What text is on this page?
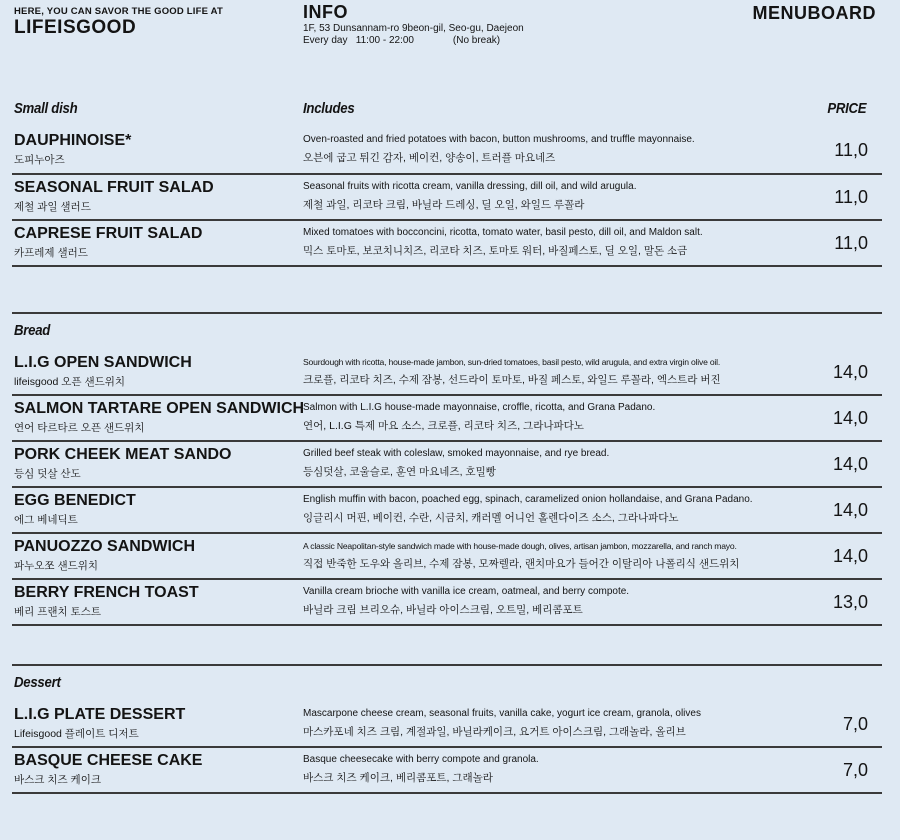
HERE, YOU CAN SAVOR THE GOOD LIFE AT
LIFEISGOOD
INFO
1F, 53 Dunsannam-ro 9beon-gil, Seo-gu, Daejeon
Every day   11:00 - 22:00              (No break)
MENUBOARD
Small dish	Includes	PRICE
DAUPHINOISE*
도피누아즈
Oven-roasted and fried potatoes with bacon, button mushrooms, and truffle mayonnaise.
오븐에 굽고 튀긴 감자, 베이컨, 양송이, 트러플 마요네즈	11,0
SEASONAL FRUIT SALAD
제철 과일 샐러드
Seasonal fruits with ricotta cream, vanilla dressing, dill oil, and wild arugula.
제철 과일, 리코타 크림, 바닐라 드레싱, 딜 오일, 와일드 루꼴라	11,0
CAPRESE FRUIT SALAD
카프레제 샐러드
Mixed tomatoes with bocconcini, ricotta, tomato water, basil pesto, dill oil, and Maldon salt.
믹스 토마토, 보코치니치즈, 리코타 치즈, 토마토 워터, 바질페스토, 딜 오일, 말돈 소금	11,0
Bread
L.I.G OPEN SANDWICH
lifeisgood 오픈 샌드위치
Sourdough with ricotta, house-made jambon, sun-dried tomatoes, basil pesto, wild arugula, and extra virgin olive oil.
크로플, 리코타 치즈, 수제 잠봉, 선드라이 토마토, 바질 페스토, 와일드 루꼴라, 엑스트라 버진	14,0
SALMON TARTARE OPEN SANDWICH
연어 타르타르 오픈 샌드위치
Salmon with L.I.G house-made mayonnaise, croffle, ricotta, and Grana Padano.
연어, L.I.G 특제 마요 소스, 크로플, 리코타 치즈, 그라나파다노	14,0
PORK CHEEK MEAT SANDO
등심 덧살 산도
Grilled beef steak with coleslaw, smoked mayonnaise, and rye bread.
등심덧살, 코울슬로, 훈연 마요네즈, 호밀빵	14,0
EGG BENEDICT
에그 베네딕트
English muffin with bacon, poached egg, spinach, caramelized onion hollandaise, and Grana Padano.
잉글리시 머핀, 베이컨, 수란, 시금치, 캐러멜 어니언 홀렌다이즈 소스, 그라나파다노	14,0
PANUOZZO SANDWICH
파누오쪼 샌드위치
A classic Neapolitan-style sandwich made with house-made dough, olives, artisan jambon, mozzarella, and ranch mayo.
직접 반죽한 도우와 올리브, 수제 잠봉, 모짜렐라, 랜치마요가 들어간 이탈리아 나폴리식 샌드위치	14,0
BERRY FRENCH TOAST
베리 프랜치 토스트
Vanilla cream brioche with vanilla ice cream, oatmeal, and berry compote.
바닐라 크림 브리오슈, 바닐라 아이스크림, 오트밀, 베리콤포트	13,0
Dessert
L.I.G PLATE DESSERT
Lifeisgood 플레이트 디저트
Mascarpone cheese cream, seasonal fruits, vanilla cake, yogurt ice cream, granola, olives
마스카포네 치즈 크림, 계절과일, 바닐라케이크, 요거트 아이스크림, 그래놀라, 올리브	7,0
BASQUE CHEESE CAKE
바스크 치즈 케이크
Basque cheesecake with berry compote and granola.
바스크 치즈 케이크, 베리콤포트, 그래놀라	7,0
